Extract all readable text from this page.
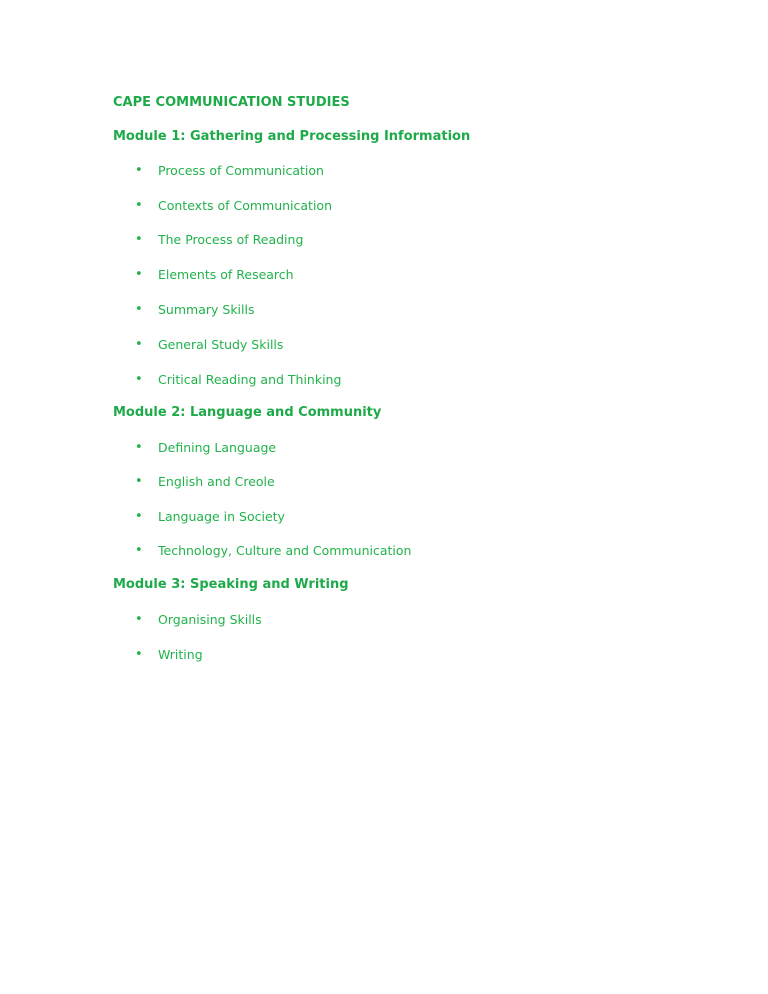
CAPE COMMUNICATION STUDIES
Module 1: Gathering and Processing Information
• Process of Communication
• Contexts of Communication
• The Process of Reading
• Elements of Research
• Summary Skills
• General Study Skills
• Critical Reading and Thinking
Module 2: Language and Community
• Defining Language
• English and Creole
• Language in Society
• Technology, Culture and Communication
Module 3: Speaking and Writing
• Organising Skills
• Writing
